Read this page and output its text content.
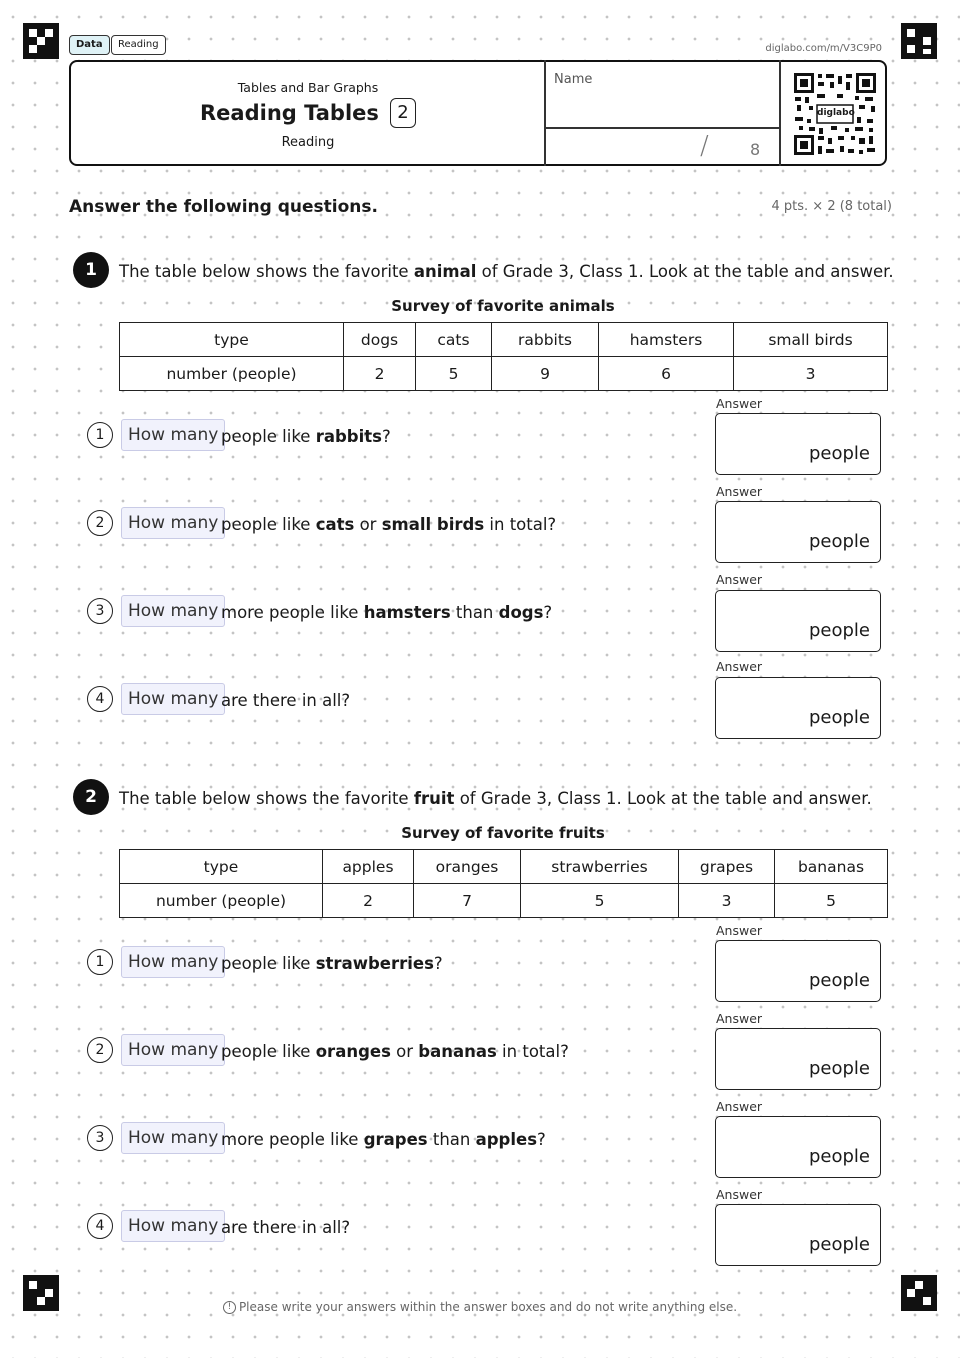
Data	Reading	diglabo.com/m/V3C9P0
Tables and Bar Graphs
Reading Tables 2
Reading
Name
/	8
diglabo
Answer the following questions.	4 pts. × 2 (8 total)
1	The table below shows the favorite animal of Grade 3, Class 1. Look at the table and answer.
Survey of favorite animals
type	dogs	cats	rabbits	hamsters	small birds
number (people)	2	5	9	6	3
1	How many people like rabbits?
Answer
people
2	How many people like cats or small birds in total?
Answer
people
3	How many more people like hamsters than dogs?
Answer
people
4	How many are there in all?
Answer
people
2	The table below shows the favorite fruit of Grade 3, Class 1. Look at the table and answer.
Survey of favorite fruits
type	apples	oranges	strawberries	grapes	bananas
number (people)	2	7	5	3	5
1	How many people like strawberries?
Answer
people
2	How many people like oranges or bananas in total?
Answer
people
3	How many more people like grapes than apples?
Answer
people
4	How many are there in all?
Answer
people
! Please write your answers within the answer boxes and do not write anything else.
